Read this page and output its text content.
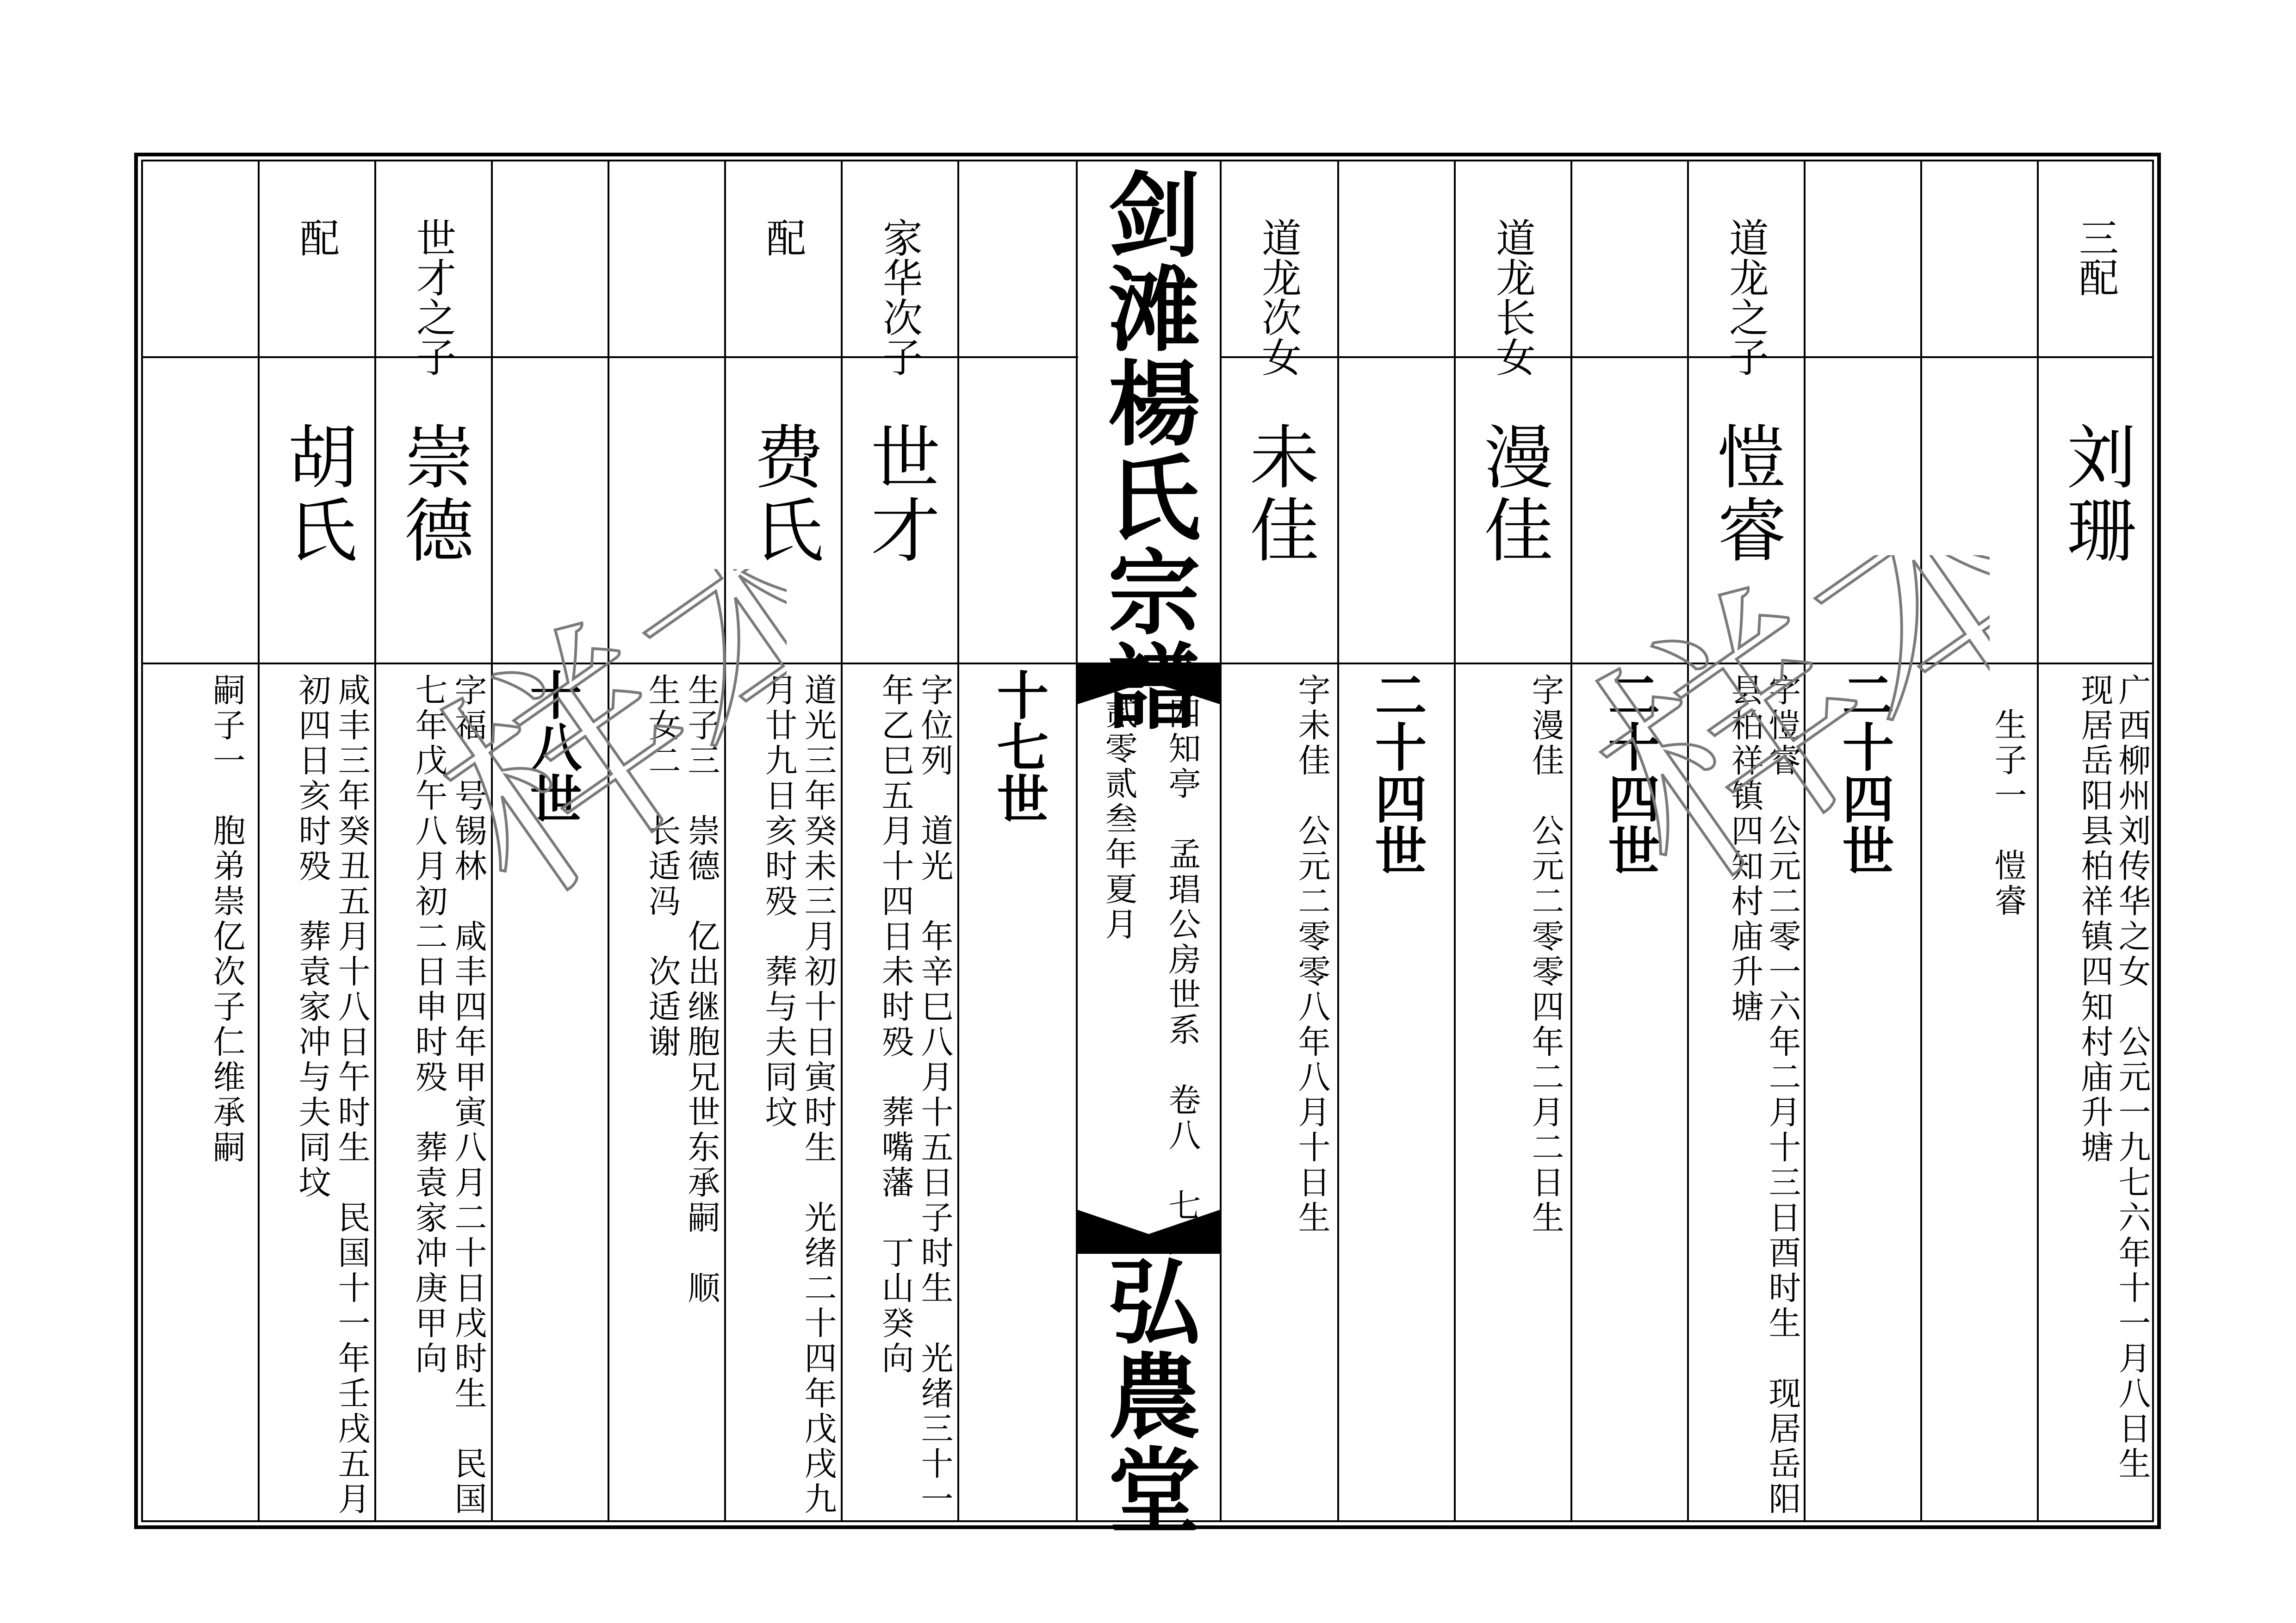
剑滩楊氏宗譜
四知亭　孟琩公房世系　卷八　七九
贰零贰叁年夏月
弘農堂
三配
刘珊
广西柳州刘传华之女　公元一九七六年十一月八日生
现居岳阳县柏祥镇四知村庙升塘
生子一　愷睿
二十四世
道龙之子
愷睿
字愷睿　公元二零一六年二月十三日酉时生　现居岳阳
县柏祥镇四知村庙升塘
二十四世
道龙长女
漫佳
字漫佳　公元二零零四年二月二日生
二十四世
道龙次女
未佳
字未佳　公元二零零八年八月十日生
十七世
家华次子
世才
字位列　道光　年辛巳八月十五日子时生　光绪三十一
年乙巳五月十四日未时殁　葬嘴藩　丁山癸向
配
费氏
道光三年癸未三月初十日寅时生　光绪二十四年戊戌九
月廿九日亥时殁　葬与夫同坟
生子三　崇德　亿出继胞兄世东承嗣　顺
生女二　长适冯　次适谢
十八世
世才之子
崇德
字福　号锡林　咸丰四年甲寅八月二十日戌时生　民国
七年戊午八月初二日申时殁　葬袁家冲庚甲向
配
胡氏
咸丰三年癸丑五月十八日午时生　民国十一年壬戌五月
初四日亥时殁　葬袁家冲与夫同坟
嗣子一　胞弟崇亿次子仁维承嗣 样本 样本
